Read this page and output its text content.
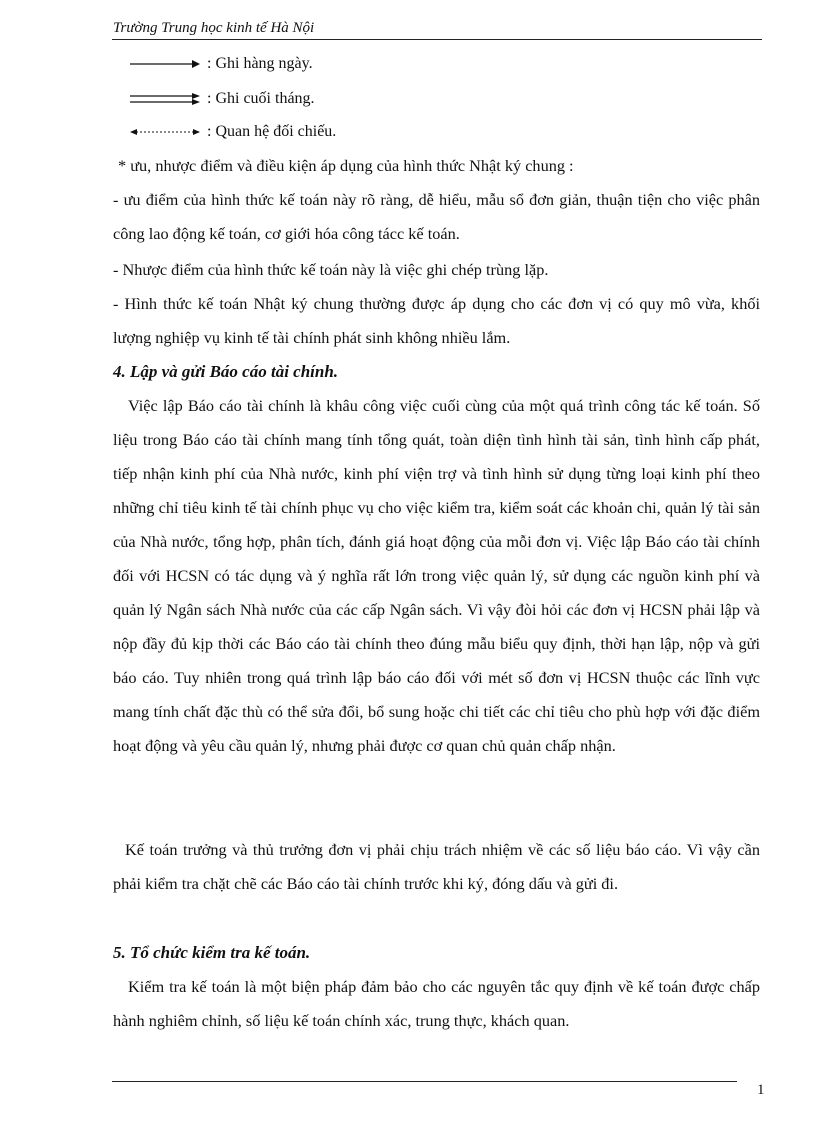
Trường Trung học kinh tế Hà Nội
: Ghi hàng ngày.
: Ghi cuối tháng.
: Quan hệ đối chiếu.

* ưu, nhược điểm và điều kiện áp dụng của hình thức Nhật ký chung :

- ưu điểm của hình thức kế toán này rõ ràng, dễ hiểu, mẫu sổ đơn giản, thuận tiện cho việc phân công lao động kế toán, cơ giới hóa công tácc kế toán.

- Nhược điểm của hình thức kế toán này là việc ghi chép trùng lặp.

- Hình thức kế toán Nhật ký chung thường được áp dụng cho các đơn vị có quy mô vừa, khối lượng nghiệp vụ kinh tế tài chính phát sinh không nhiều lắm.

4. Lập và gửi Báo cáo tài chính.

Việc lập Báo cáo tài chính là khâu công việc cuối cùng của một quá trình công tác kế toán. Số liệu trong Báo cáo tài chính mang tính tổng quát, toàn diện tình hình tài sản, tình hình cấp phát, tiếp nhận kinh phí của Nhà nước, kinh phí viện trợ và tình hình sử dụng từng loại kinh phí theo những chỉ tiêu kinh tế tài chính phục vụ cho việc kiểm tra, kiểm soát các khoản chi, quản lý tài sản của Nhà nước, tổng hợp, phân tích, đánh giá hoạt động của mỗi đơn vị. Việc lập Báo cáo tài chính đối với HCSN có tác dụng và ý nghĩa rất lớn trong việc quản lý, sử dụng các nguồn kinh phí và quản lý Ngân sách Nhà nước của các cấp Ngân sách. Vì vậy đòi hỏi các đơn vị HCSN phải lập và nộp đầy đủ kịp thời các Báo cáo tài chính theo đúng mẫu biểu quy định, thời hạn lập, nộp và gửi báo cáo. Tuy nhiên trong quá trình lập báo cáo đối với mét số đơn vị HCSN thuộc các lĩnh vực mang tính chất đặc thù có thể sửa đổi, bổ sung hoặc chi tiết các chỉ tiêu cho phù hợp với đặc điểm hoạt động và yêu cầu quản lý, nhưng phải được cơ quan chủ quản chấp nhận.

Kế toán trưởng và thủ trưởng đơn vị phải chịu trách nhiệm về các số liệu báo cáo. Vì vậy cần phải kiểm tra chặt chẽ các Báo cáo tài chính trước khi ký, đóng dấu và gửi đi.

5. Tổ chức kiểm tra kế toán.

Kiểm tra kế toán là một biện pháp đảm bảo cho các nguyên tắc quy định về kế toán được chấp hành nghiêm chỉnh, số liệu kế toán chính xác, trung thực, khách quan.

1
